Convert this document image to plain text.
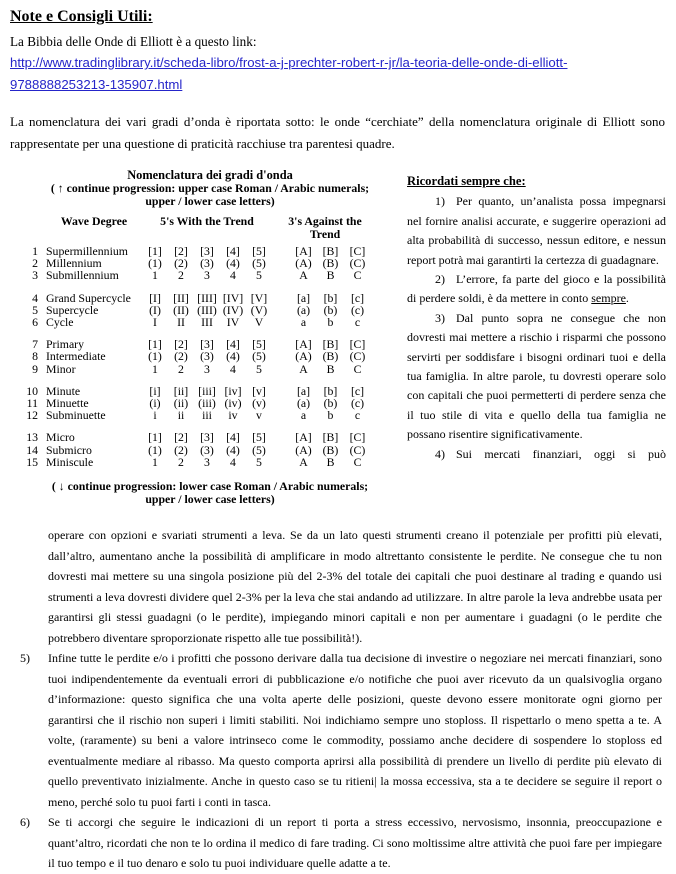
Note e Consigli Utili:

La Bibbia delle Onde di Elliott è a questo link:

http://www.tradinglibrary.it/scheda-libro/frost-a-j-prechter-robert-r-jr/la-teoria-delle-onde-di-elliott-
9788888253213-135907.html

La nomenclatura dei vari gradi d’onda è riportata sotto: le onde “cerchiate” della nomenclatura originale di Elliott sono rappresentate per una questione di praticità racchiuse tra parentesi quadre.

Nomenclatura dei gradi d'onda

( ↑ continue progression: upper case Roman / Arabic numerals;
upper / lower case letters)

Wave Degree	5's With the Trend	3's Against the Trend
1 Supermillennium	[1]	[2]	[3]	[4]	[5]	[A] [B] [C]
2 Millennium	(1)	(2)	(3)	(4)	(5)	(A) (B) (C)
3 Submillennium	1	2	3	4	5	A	B	C
4 Grand Supercycle	[I]	[II] [III] [IV] [V]	[a]	[b]	[c]
5 Supercycle	(I)	(II) (III) (IV) (V)	(a)	(b)	(c)
6 Cycle	I	II	III	IV	V	a	b	c
7 Primary	[1]	[2]	[3]	[4]	[5]	[A] [B] [C]
8 Intermediate	(1)	(2)	(3)	(4)	(5)	(A) (B) (C)
9 Minor	1	2	3	4	5	A	B	C
10 Minute	[i]	[ii] [iii] [iv] [v]	[a]	[b]	[c]
11 Minuette	(i)	(ii) (iii) (iv) (v)	(a)	(b)	(c)
12 Subminuette	i	ii	iii	iv	v	a	b	c
13 Micro	[1]	[2]	[3]	[4]	[5]	[A] [B] [C]
14 Submicro	(1)	(2)	(3)	(4)	(5)	(A) (B) (C)
15 Miniscule	1	2	3	4	5	A	B	C

( ↓ continue progression: lower case Roman / Arabic numerals;
upper / lower case letters)

Ricordati sempre che:

1) Per quanto, un’analista possa impegnarsi nel fornire analisi accurate, e suggerire operazioni ad alta probabilità di successo, nessun editore, e nessun report potrà mai garantirti la certezza di guadagnare.

2) L’errore, fa parte del gioco e la possibilità di perdere soldi, è da mettere in conto sempre.

3) Dal punto sopra ne consegue che non dovresti mai mettere a rischio i risparmi che possono servirti per soddisfare i bisogni ordinari tuoi e della tua famiglia. In altre parole, tu dovresti operare solo con capitali che puoi permetterti di perdere senza che il tuo stile di vita e quello della tua famiglia ne possano risentire significativamente.

4) Sui mercati finanziari, oggi si può

operare con opzioni e svariati strumenti a leva. Se da un lato questi strumenti creano il potenziale per profitti più elevati, dall’altro, aumentano anche la possibilità di amplificare in modo altrettanto consistente le perdite. Ne consegue che tu non dovresti mai mettere su una singola posizione più del 2-3% del totale dei capitali che puoi destinare al trading e quando usi strumenti a leva dovresti dividere quel 2-3% per la leva che stai andando ad utilizzare. In altre parole la leva andrebbe usata per garantirsi gli stessi guadagni (o le perdite), impiegando minori capitali e non per aumentare i guadagni (o le perdite che potrebbero diventare sproporzionate rispetto alle tue possibilità!).

5) Infine tutte le perdite e/o i profitti che possono derivare dalla tua decisione di investire o negoziare nei mercati finanziari, sono tuoi indipendentemente da eventuali errori di pubblicazione e/o notifiche che puoi aver ricevuto da un qualsivoglia organo d’informazione: questo significa che una volta aperte delle posizioni, queste devono essere monitorate ogni giorno per garantirsi che il rischio non superi i limiti stabiliti. Noi indichiamo sempre uno stoploss. Il rispettarlo o meno spetta a te. A volte, (raramente) su beni a valore intrinseco come le commodity, possiamo anche decidere di sospendere lo stoploss ed eventualmente mediare al ribasso. Ma questo comporta aprirsi alla possibilità di prendere un livello di perdite più elevato di quello preventivato inizialmente. Anche in questo caso se tu ritieni| la mossa eccessiva, sta a te decidere se seguire il report o meno, perché solo tu puoi farti i conti in tasca.

6) Se ti accorgi che seguire le indicazioni di un report ti porta a stress eccessivo, nervosismo, insonnia, preoccupazione e quant’altro, ricordati che non te lo ordina il medico di fare trading. Ci sono moltissime altre attività che puoi fare per impiegare il tuo tempo e il tuo denaro e solo tu puoi individuare quelle adatte a te.
